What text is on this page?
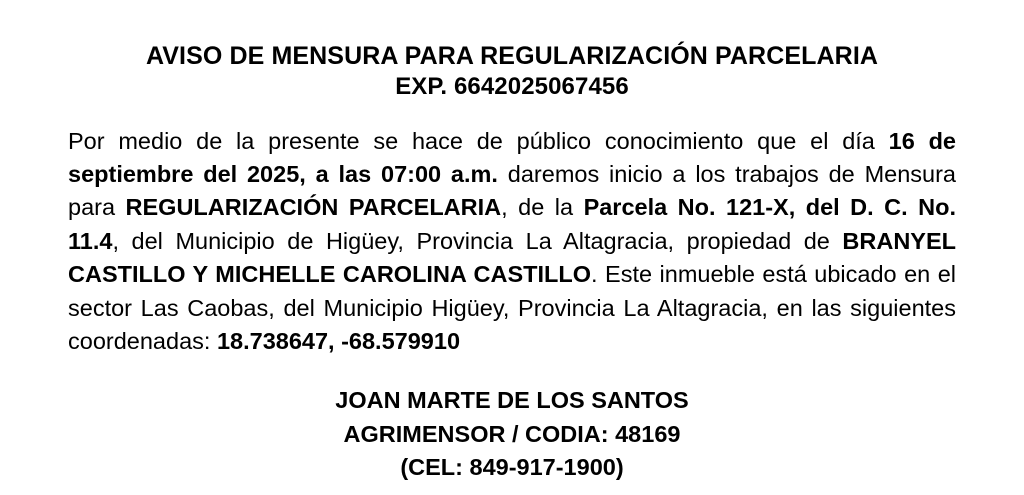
AVISO DE MENSURA PARA REGULARIZACIÓN PARCELARIA
EXP. 6642025067456

Por medio de la presente se hace de público conocimiento que el día 16 de septiembre del 2025, a las 07:00 a.m. daremos inicio a los trabajos de Mensura para REGULARIZACIÓN PARCELARIA, de la Parcela No. 121-X, del D. C. No. 11.4, del Municipio de Higüey, Provincia La Altagracia, propiedad de BRANYEL CASTILLO Y MICHELLE CAROLINA CASTILLO. Este inmueble está ubicado en el sector Las Caobas, del Municipio Higüey, Provincia La Altagracia, en las siguientes coordenadas: 18.738647, -68.579910

JOAN MARTE DE LOS SANTOS
AGRIMENSOR / CODIA: 48169
(CEL: 849-917-1900)
